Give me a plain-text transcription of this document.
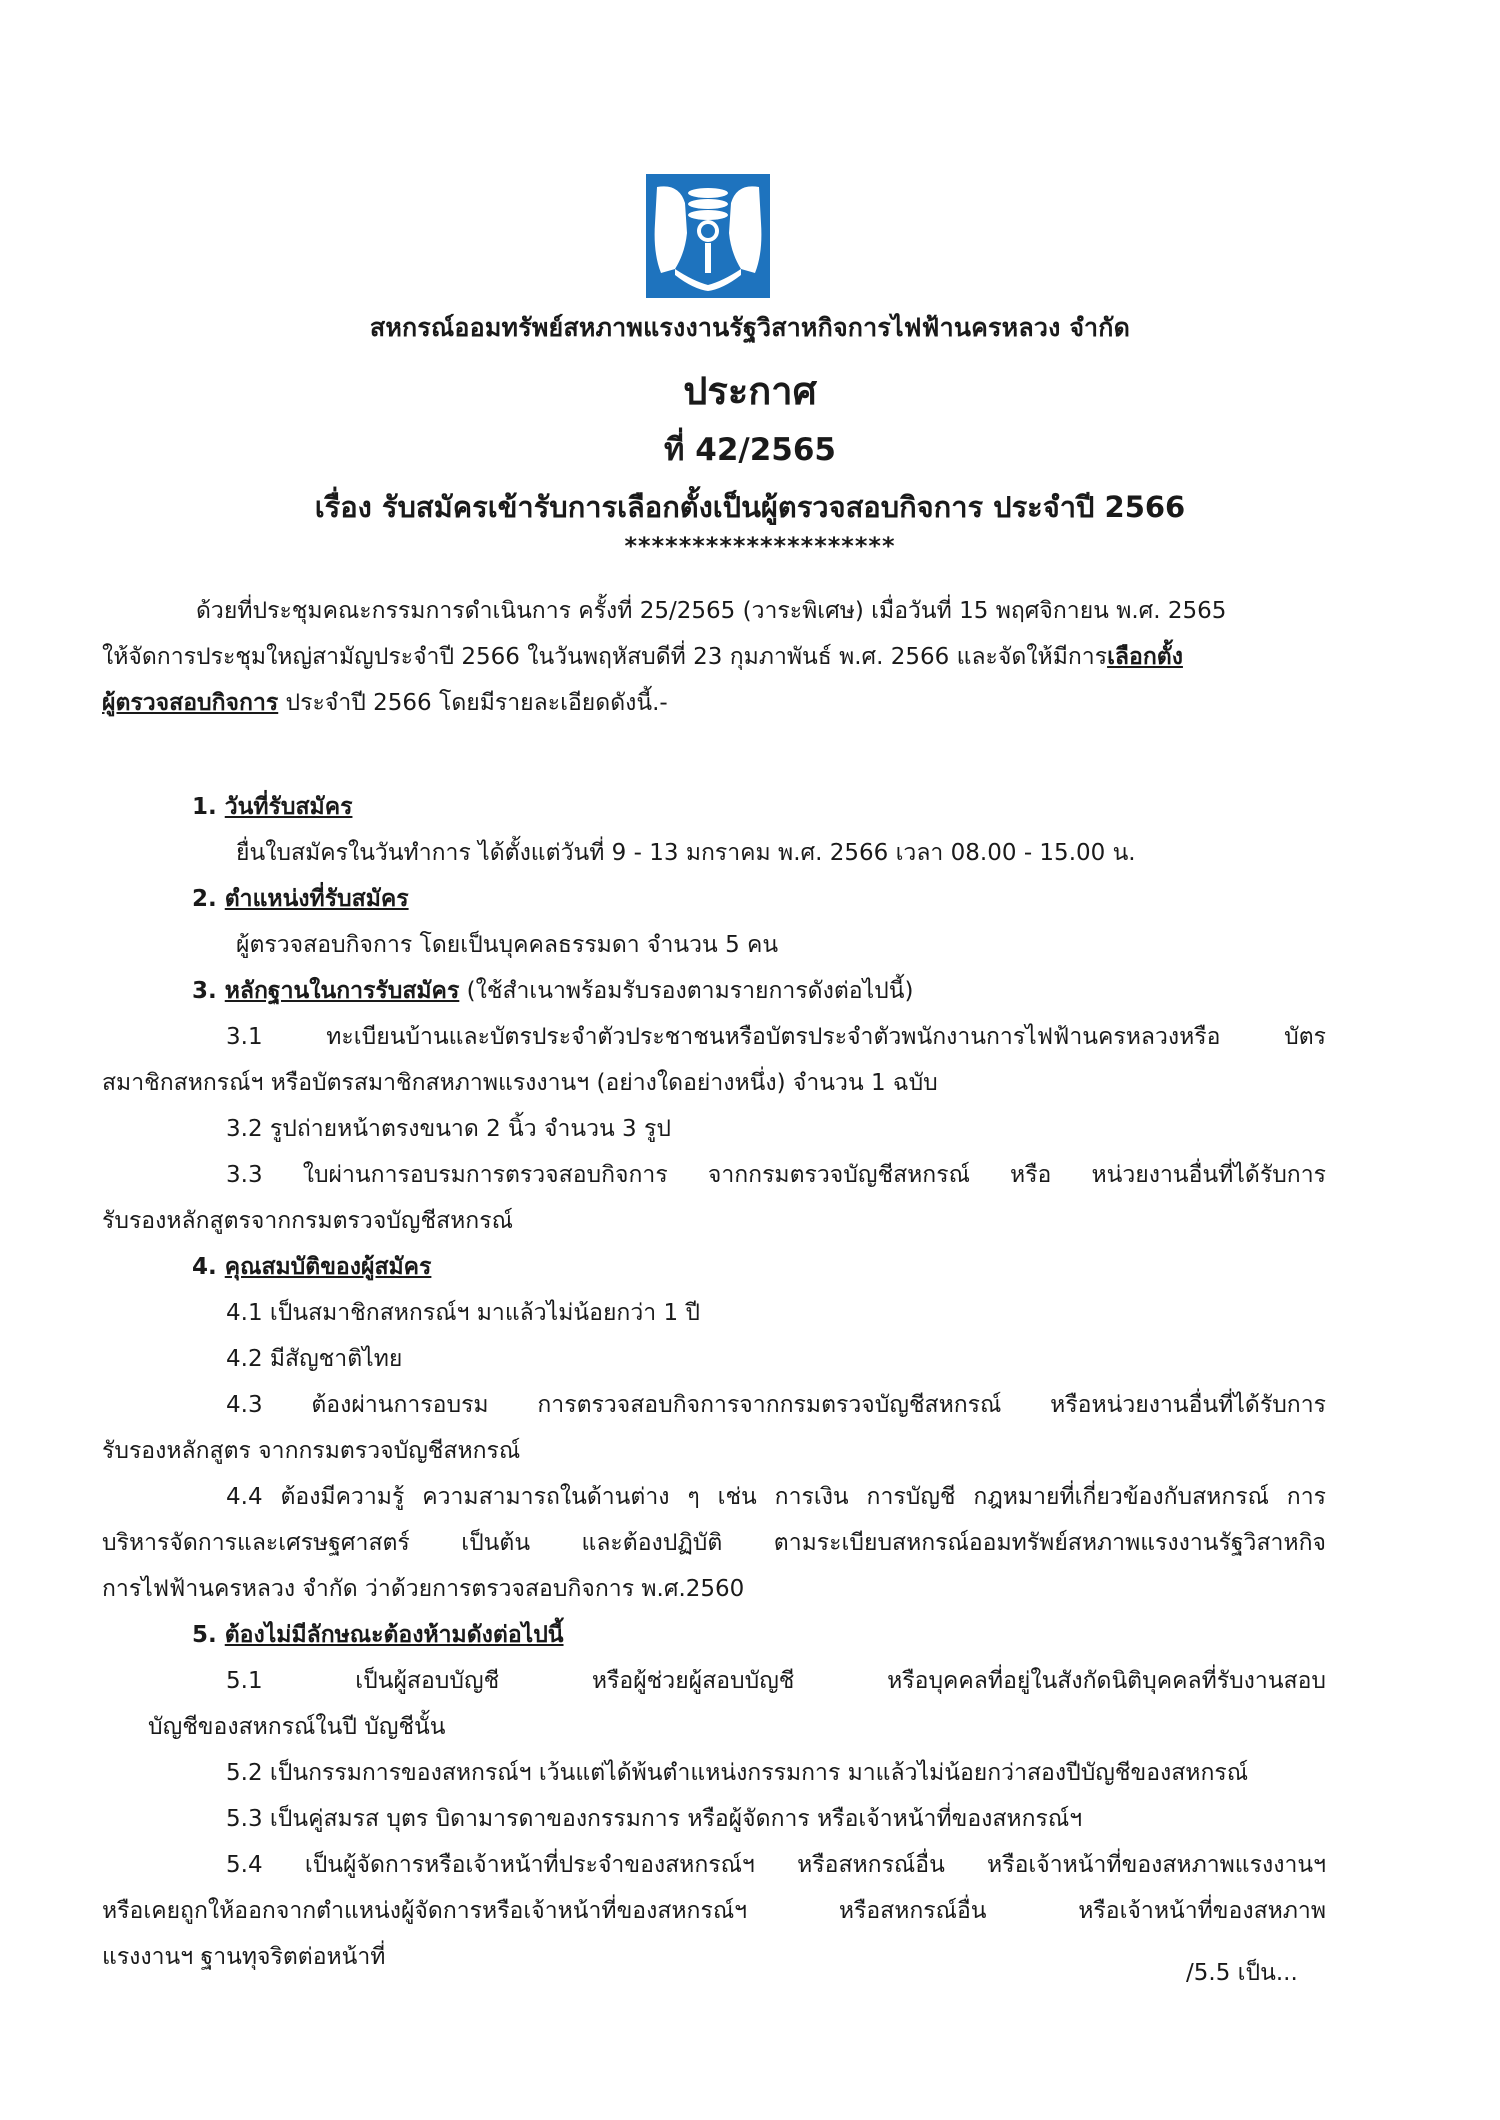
สหกรณ์ออมทรัพย์สหภาพแรงงานรัฐวิสาหกิจการไฟฟ้านครหลวง จำกัด
ประกาศ
ที่ 42/2565
เรื่อง รับสมัครเข้ารับการเลือกตั้งเป็นผู้ตรวจสอบกิจการ ประจำปี 2566
********************
ด้วยที่ประชุมคณะกรรมการดำเนินการ ครั้งที่ 25/2565 (วาระพิเศษ) เมื่อวันที่ 15 พฤศจิกายน พ.ศ. 2565
ให้จัดการประชุมใหญ่สามัญประจำปี 2566 ในวันพฤหัสบดีที่ 23 กุมภาพันธ์ พ.ศ. 2566 และจัดให้มีการเลือกตั้ง
ผู้ตรวจสอบกิจการ ประจำปี 2566 โดยมีรายละเอียดดังนี้.-
1. วันที่รับสมัคร
ยื่นใบสมัครในวันทำการ ได้ตั้งแต่วันที่ 9 - 13 มกราคม พ.ศ. 2566 เวลา 08.00 - 15.00 น.
2. ตำแหน่งที่รับสมัคร
ผู้ตรวจสอบกิจการ โดยเป็นบุคคลธรรมดา จำนวน 5 คน
3. หลักฐานในการรับสมัคร (ใช้สำเนาพร้อมรับรองตามรายการดังต่อไปนี้)
3.1 ทะเบียนบ้านและบัตรประจำตัวประชาชนหรือบัตรประจำตัวพนักงานการไฟฟ้านครหลวงหรือ บัตร
สมาชิกสหกรณ์ฯ หรือบัตรสมาชิกสหภาพแรงงานฯ (อย่างใดอย่างหนึ่ง) จำนวน 1 ฉบับ
3.2 รูปถ่ายหน้าตรงขนาด 2 นิ้ว จำนวน 3 รูป
3.3 ใบผ่านการอบรมการตรวจสอบกิจการ จากกรมตรวจบัญชีสหกรณ์ หรือ หน่วยงานอื่นที่ได้รับการ
รับรองหลักสูตรจากกรมตรวจบัญชีสหกรณ์
4. คุณสมบัติของผู้สมัคร
4.1 เป็นสมาชิกสหกรณ์ฯ มาแล้วไม่น้อยกว่า 1 ปี
4.2 มีสัญชาติไทย
4.3 ต้องผ่านการอบรม การตรวจสอบกิจการจากกรมตรวจบัญชีสหกรณ์ หรือหน่วยงานอื่นที่ได้รับการ
รับรองหลักสูตร จากกรมตรวจบัญชีสหกรณ์
4.4 ต้องมีความรู้ ความสามารถในด้านต่าง ๆ เช่น การเงิน การบัญชี กฎหมายที่เกี่ยวข้องกับสหกรณ์ การ
บริหารจัดการและเศรษฐศาสตร์ เป็นต้น และต้องปฏิบัติ ตามระเบียบสหกรณ์ออมทรัพย์สหภาพแรงงานรัฐวิสาหกิจ
การไฟฟ้านครหลวง จำกัด ว่าด้วยการตรวจสอบกิจการ พ.ศ.2560
5. ต้องไม่มีลักษณะต้องห้ามดังต่อไปนี้
5.1 เป็นผู้สอบบัญชี หรือผู้ช่วยผู้สอบบัญชี หรือบุคคลที่อยู่ในสังกัดนิติบุคคลที่รับงานสอบ
บัญชีของสหกรณ์ในปี บัญชีนั้น
5.2 เป็นกรรมการของสหกรณ์ฯ เว้นแต่ได้พ้นตำแหน่งกรรมการ มาแล้วไม่น้อยกว่าสองปีบัญชีของสหกรณ์
5.3 เป็นคู่สมรส บุตร บิดามารดาของกรรมการ หรือผู้จัดการ หรือเจ้าหน้าที่ของสหกรณ์ฯ
5.4 เป็นผู้จัดการหรือเจ้าหน้าที่ประจำของสหกรณ์ฯ หรือสหกรณ์อื่น หรือเจ้าหน้าที่ของสหภาพแรงงานฯ
หรือเคยถูกให้ออกจากตำแหน่งผู้จัดการหรือเจ้าหน้าที่ของสหกรณ์ฯ หรือสหกรณ์อื่น หรือเจ้าหน้าที่ของสหภาพ
แรงงานฯ ฐานทุจริตต่อหน้าที่
/5.5 เป็น...
